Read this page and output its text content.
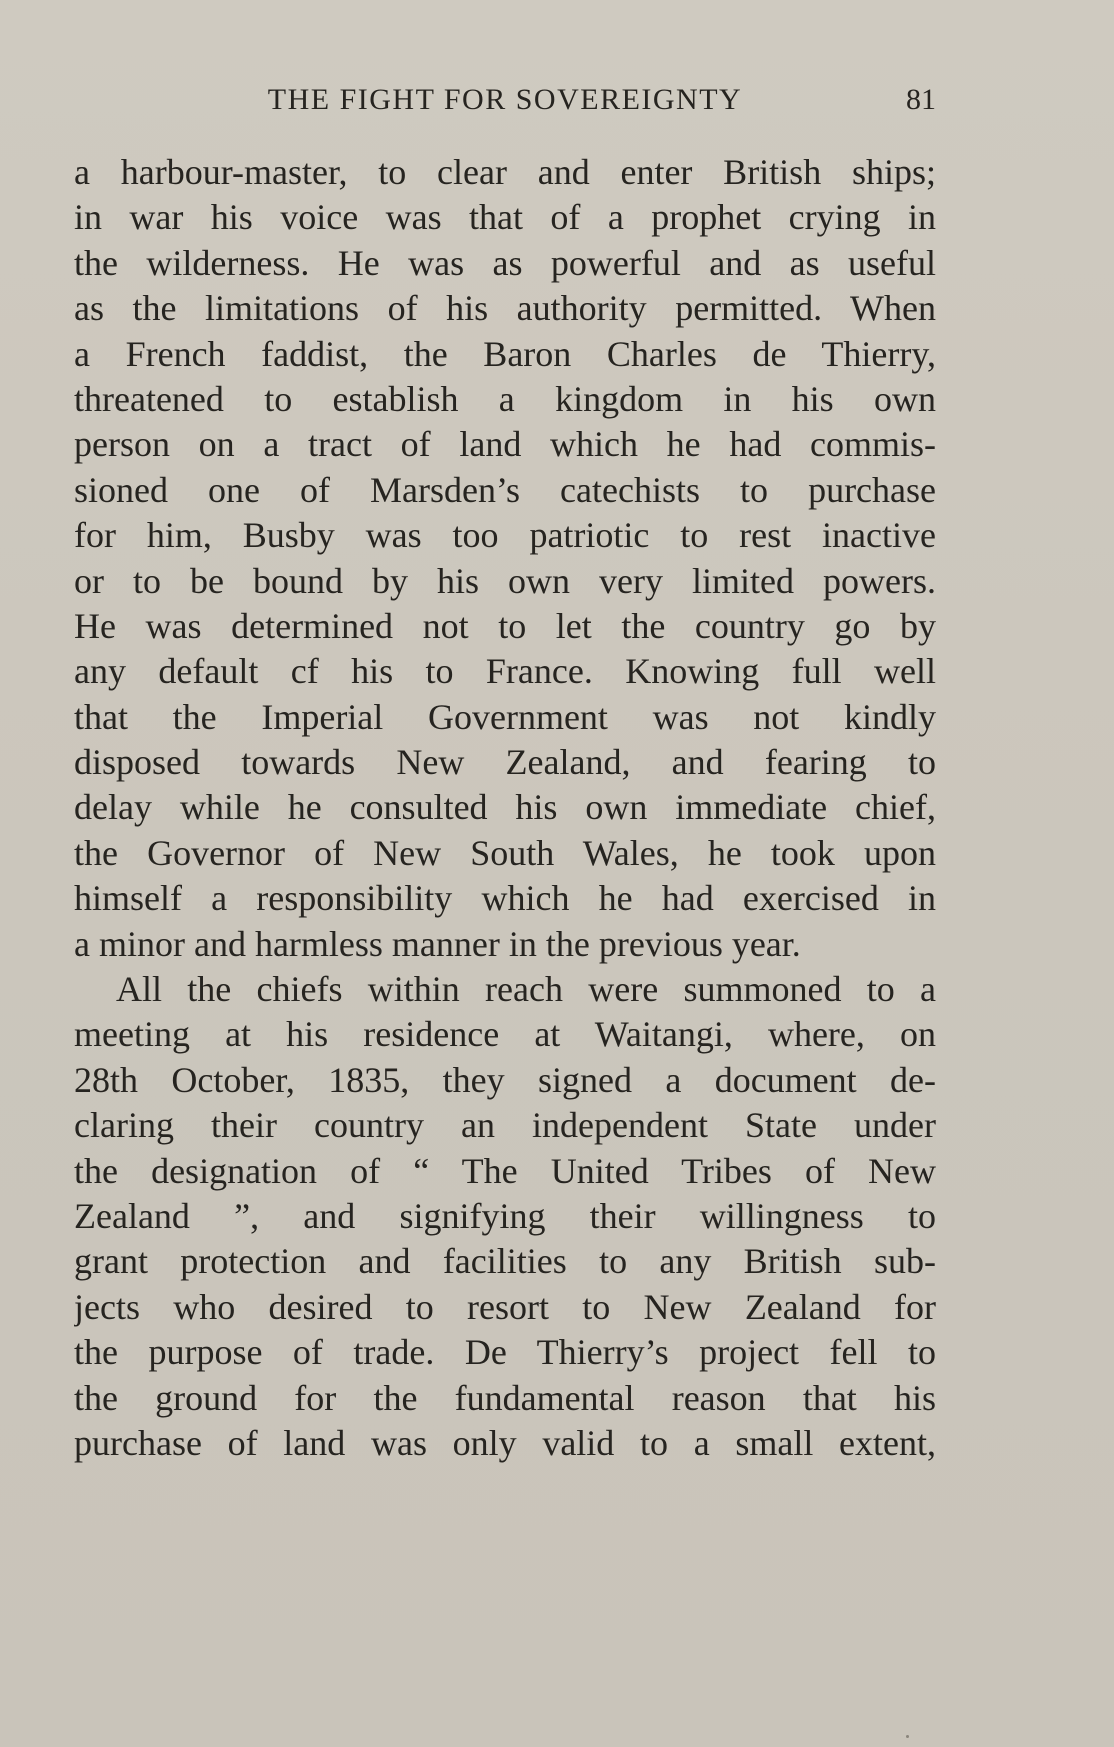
THE FIGHT FOR SOVEREIGNTY	81
a harbour-master, to clear and enter British ships;
in war his voice was that of a prophet crying in
the wilderness. He was as powerful and as useful
as the limitations of his authority permitted. When
a French faddist, the Baron Charles de Thierry,
threatened to establish a kingdom in his own
person on a tract of land which he had commis-
sioned one of Marsden’s catechists to purchase
for him, Busby was too patriotic to rest inactive
or to be bound by his own very limited powers.
He was determined not to let the country go by
any default cf his to France. Knowing full well
that the Imperial Government was not kindly
disposed towards New Zealand, and fearing to
delay while he consulted his own immediate chief,
the Governor of New South Wales, he took upon
himself a responsibility which he had exercised in
a minor and harmless manner in the previous year.
All the chiefs within reach were summoned to a
meeting at his residence at Waitangi, where, on
28th October, 1835, they signed a document de-
claring their country an independent State under
the designation of “ The United Tribes of New
Zealand ”, and signifying their willingness to
grant protection and facilities to any British sub-
jects who desired to resort to New Zealand for
the purpose of trade. De Thierry’s project fell to
the ground for the fundamental reason that his
purchase of land was only valid to a small extent,
